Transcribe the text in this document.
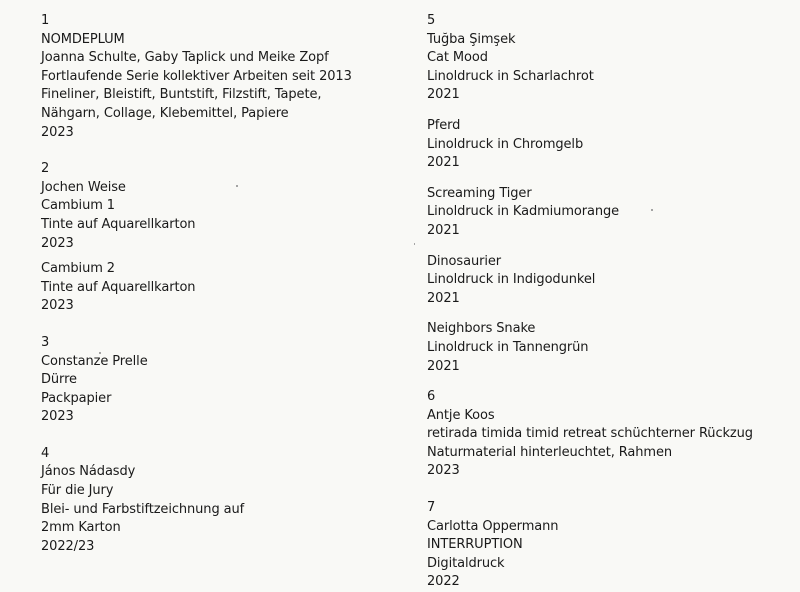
1
NOMDEPLUM
Joanna Schulte, Gaby Taplick und Meike Zopf
Fortlaufende Serie kollektiver Arbeiten seit 2013
Fineliner, Bleistift, Buntstift, Filzstift, Tapete,
Nähgarn, Collage, Klebemittel, Papiere
2023
2
Jochen Weise
Cambium 1
Tinte auf Aquarellkarton
2023
Cambium 2
Tinte auf Aquarellkarton
2023
3
Constanze Prelle
Dürre
Packpapier
2023
4
János Nádasdy
Für die Jury
Blei- und Farbstiftzeichnung auf
2mm Karton
2022/23
5
Tuğba Şimşek
Cat Mood
Linoldruck in Scharlachrot
2021
Pferd
Linoldruck in Chromgelb
2021
Screaming Tiger
Linoldruck in Kadmiumorange
2021
Dinosaurier
Linoldruck in Indigodunkel
2021
Neighbors Snake
Linoldruck in Tannengrün
2021
6
Antje Koos
retirada timida timid retreat schüchterner Rückzug
Naturmaterial hinterleuchtet, Rahmen
2023
7
Carlotta Oppermann
INTERRUPTION
Digitaldruck
2022
